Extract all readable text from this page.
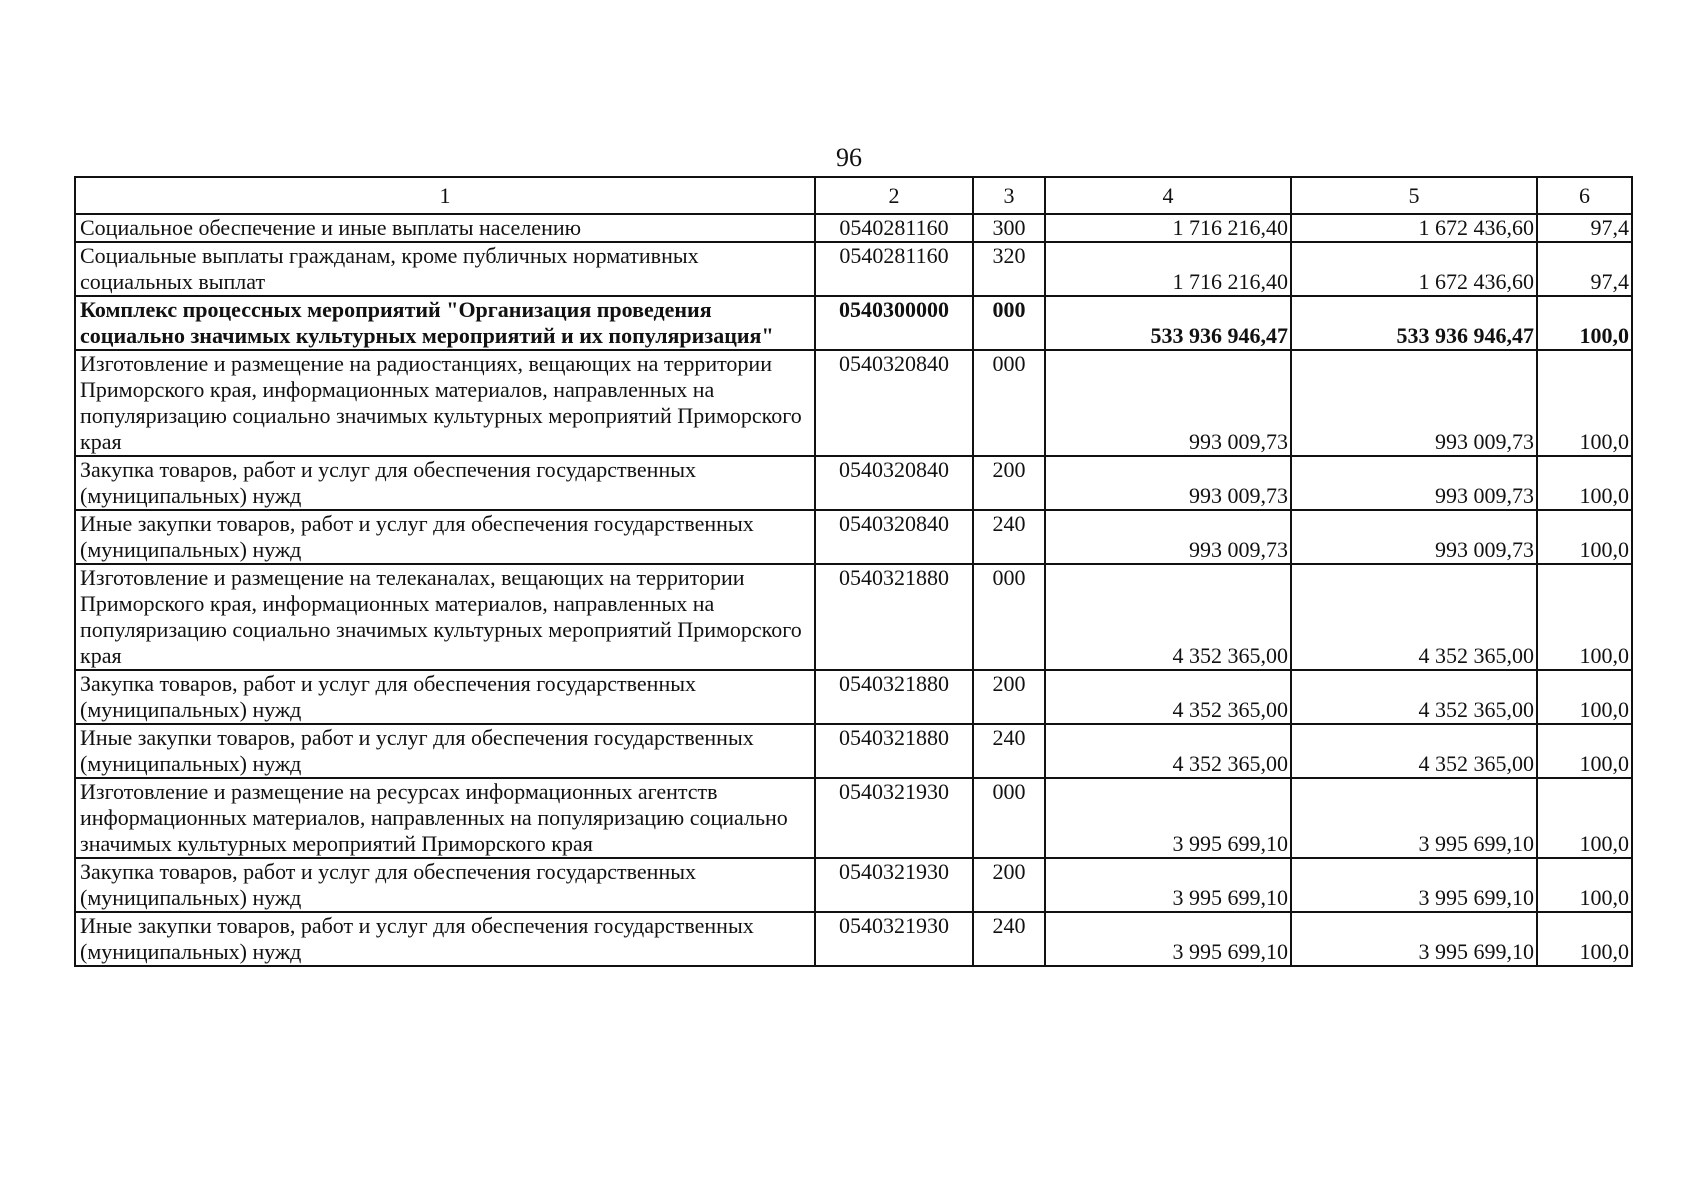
96
1	2	3	4	5	6
Социальное обеспечение и иные выплаты населению	0540281160	300	1 716 216,40	1 672 436,60	97,4
Социальные выплаты гражданам, кроме публичных нормативных социальных выплат	0540281160	320	1 716 216,40	1 672 436,60	97,4
Комплекс процессных мероприятий "Организация проведения социально значимых культурных мероприятий и их популяризация"	0540300000	000	533 936 946,47	533 936 946,47	100,0
Изготовление и размещение на радиостанциях, вещающих на территории Приморского края, информационных материалов, направленных на популяризацию социально значимых культурных мероприятий Приморского края	0540320840	000	993 009,73	993 009,73	100,0
Закупка товаров, работ и услуг для обеспечения государственных (муниципальных) нужд	0540320840	200	993 009,73	993 009,73	100,0
Иные закупки товаров, работ и услуг для обеспечения государственных (муниципальных) нужд	0540320840	240	993 009,73	993 009,73	100,0
Изготовление и размещение на телеканалах, вещающих на территории Приморского края, информационных материалов, направленных на популяризацию социально значимых культурных мероприятий Приморского края	0540321880	000	4 352 365,00	4 352 365,00	100,0
Закупка товаров, работ и услуг для обеспечения государственных (муниципальных) нужд	0540321880	200	4 352 365,00	4 352 365,00	100,0
Иные закупки товаров, работ и услуг для обеспечения государственных (муниципальных) нужд	0540321880	240	4 352 365,00	4 352 365,00	100,0
Изготовление и размещение на ресурсах информационных агентств информационных материалов, направленных на популяризацию социально значимых культурных мероприятий Приморского края	0540321930	000	3 995 699,10	3 995 699,10	100,0
Закупка товаров, работ и услуг для обеспечения государственных (муниципальных) нужд	0540321930	200	3 995 699,10	3 995 699,10	100,0
Иные закупки товаров, работ и услуг для обеспечения государственных (муниципальных) нужд	0540321930	240	3 995 699,10	3 995 699,10	100,0
